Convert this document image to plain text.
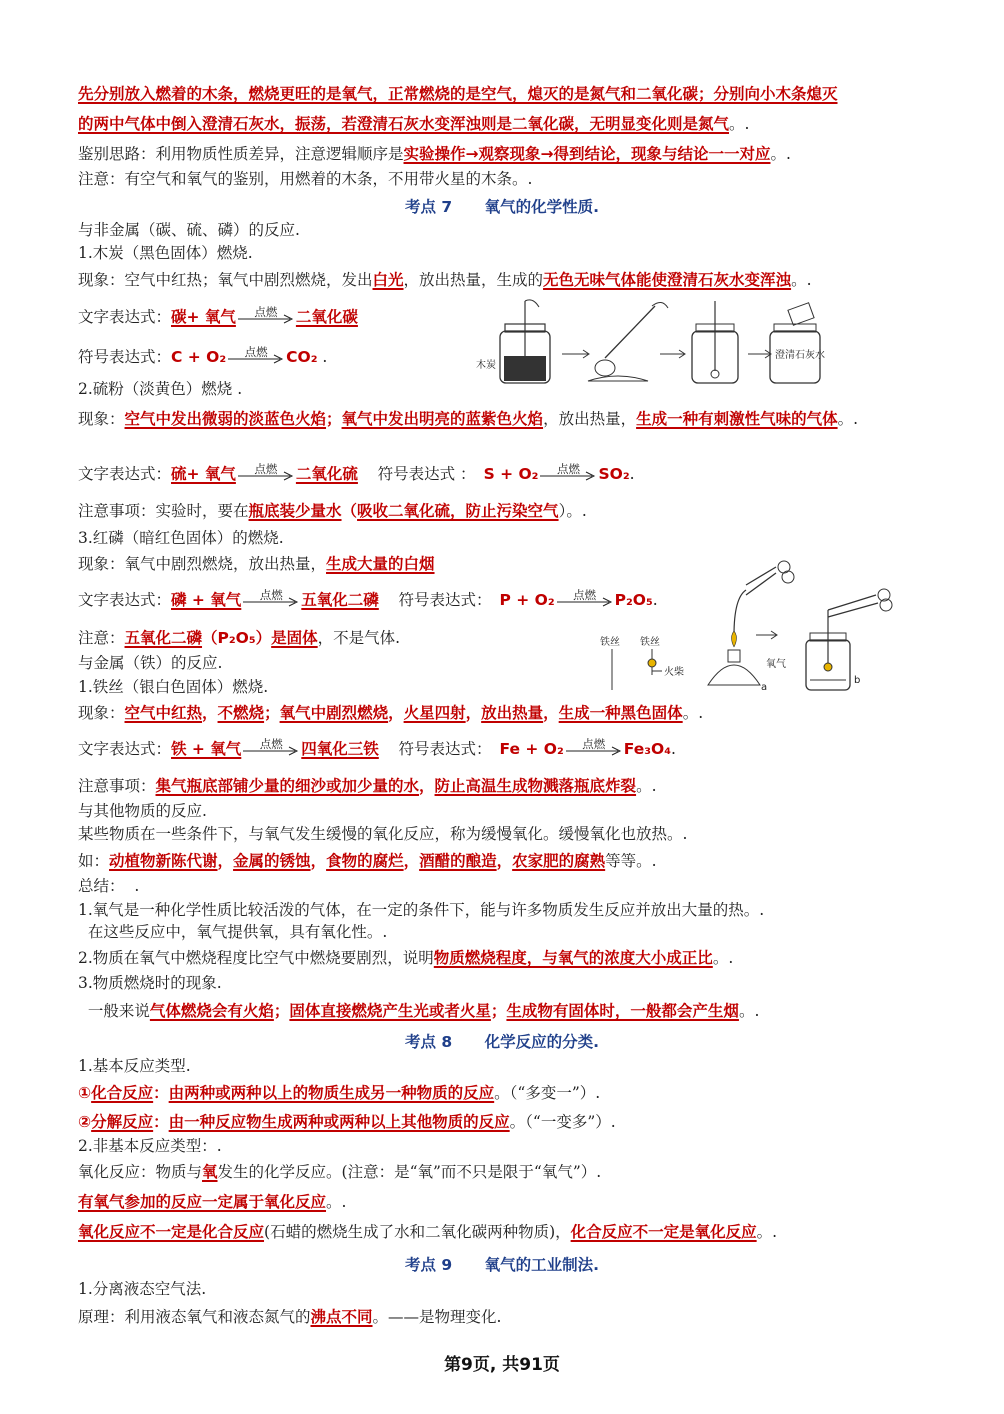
先分别放入燃着的木条，燃烧更旺的是氧气，正常燃烧的是空气，熄灭的是氮气和二氧化碳；分别向小木条熄灭
的两中气体中倒入澄清石灰水，振荡，若澄清石灰水变浑浊则是二氧化碳，无明显变化则是氮气。.
鉴别思路：利用物质性质差异，注意逻辑顺序是实验操作→观察现象→得到结论，现象与结论一一对应。.
注意：有空气和氧气的鉴别，用燃着的木条，不用带火星的木条。.
考点 7      氧气的化学性质.
与非金属（碳、硫、磷）的反应.
1.木炭（黑色固体）燃烧.
现象：空气中红热；氧气中剧烈燃烧，发出白光，放出热量，生成的无色无味气体能使澄清石灰水变浑浊。.
文字表达式：碳+ 氧气	点燃	二氧化碳
符号表达式：C + O₂	点燃	CO₂ .	木炭
澄清石灰水
2.硫粉（淡黄色）燃烧 .
现象：空气中发出微弱的淡蓝色火焰；氧气中发出明亮的蓝紫色火焰，放出热量，生成一种有刺激性气味的气体。.
文字表达式：硫+ 氧气	点燃	二氧化硫    符号表达式 ： S + O₂	点燃	SO₂.
注意事项：实验时，要在瓶底装少量水（吸收二氧化硫，防止污染空气）。.
3.红磷（暗红色固体）的燃烧.
现象：氧气中剧烈燃烧，放出热量，生成大量的白烟
文字表达式：磷 + 氧气	点燃	五氧化二磷    符号表达式： P + O₂	点燃	P₂O₅.
注意：五氧化二磷（P₂O₅）是固体，不是气体.
与金属（铁）的反应.
1.铁丝（银白色固体）燃烧.	a
铁丝 铁丝
火柴
氧气
b
现象：空气中红热，不燃烧；氧气中剧烈燃烧，火星四射，放出热量，生成一种黑色固体。.
文字表达式：铁 + 氧气	点燃	四氧化三铁    符号表达式： Fe + O₂	点燃	Fe₃O₄.
注意事项：集气瓶底部铺少量的细沙或加少量的水，防止高温生成物溅落瓶底炸裂。.
与其他物质的反应.
某些物质在一些条件下，与氧气发生缓慢的氧化反应，称为缓慢氧化。缓慢氧化也放热。.
如：动植物新陈代谢，金属的锈蚀，食物的腐烂，酒醋的酿造，农家肥的腐熟等等。.
总结：  .
1.氧气是一种化学性质比较活泼的气体，在一定的条件下，能与许多物质发生反应并放出大量的热。.
在这些反应中，氧气提供氧，具有氧化性。.
2.物质在氧气中燃烧程度比空气中燃烧要剧烈，说明物质燃烧程度，与氧气的浓度大小成正比。.
3.物质燃烧时的现象.
一般来说气体燃烧会有火焰；固体直接燃烧产生光或者火星；生成物有固体时，一般都会产生烟。.
考点 8      化学反应的分类.
1.基本反应类型.
①化合反应：由两种或两种以上的物质生成另一种物质的反应。（“多变一”）.
②分解反应：由一种反应物生成两种或两种以上其他物质的反应。（“一变多”）.
2.非基本反应类型：.
氧化反应：物质与氧发生的化学反应。(注意：是“氧”而不只是限于“氧气”）.
有氧气参加的反应一定属于氧化反应。.
氧化反应不一定是化合反应(石蜡的燃烧生成了水和二氧化碳两种物质)，化合反应不一定是氧化反应。.
考点 9      氧气的工业制法.
1.分离液态空气法.
原理：利用液态氧气和液态氮气的沸点不同。——是物理变化.
第9页, 共91页
